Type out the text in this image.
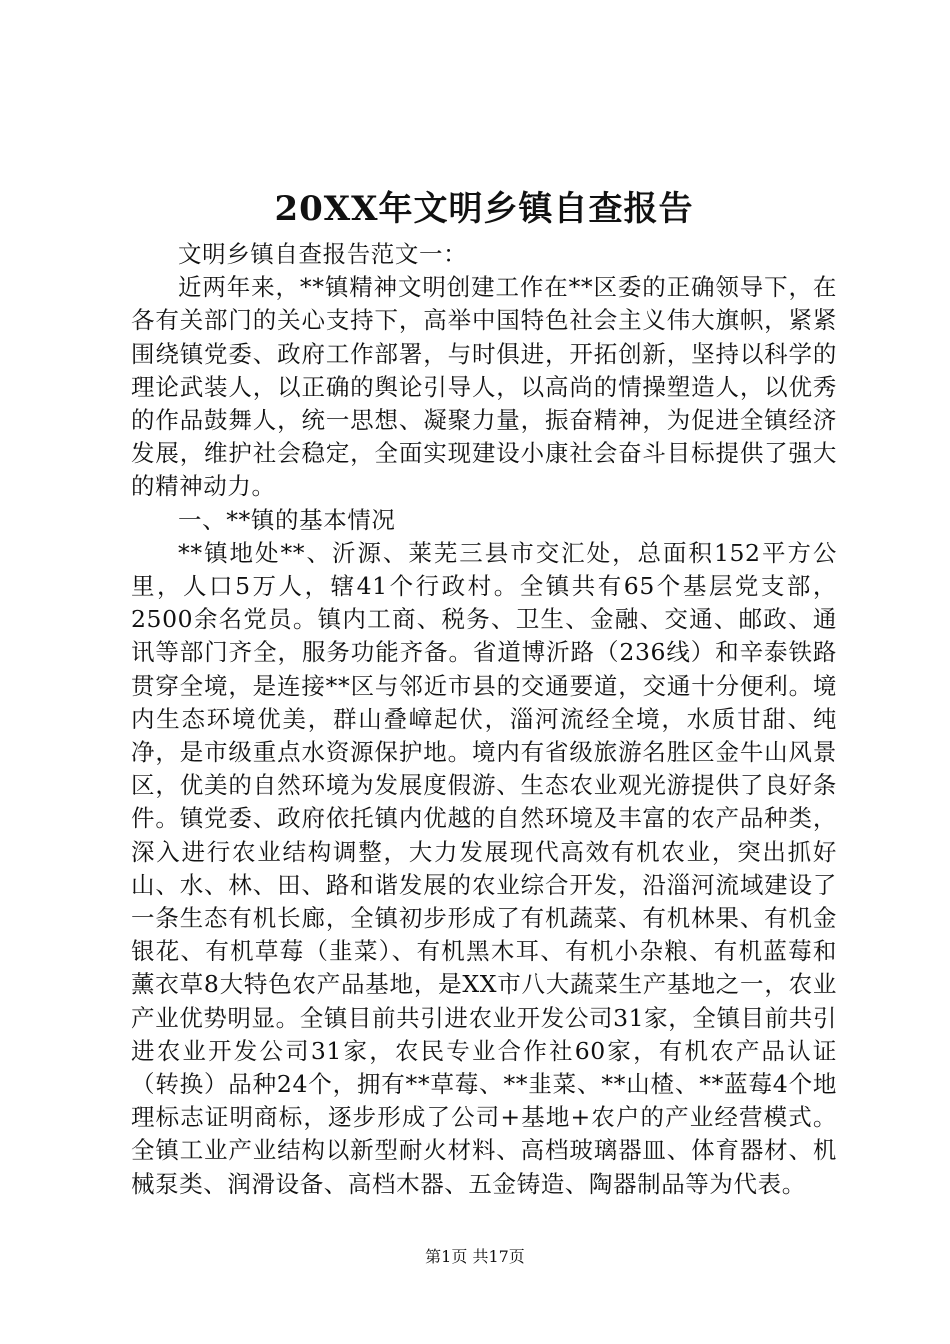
20XX年文明乡镇自查报告

文明乡镇自查报告范文一：

近两年来，**镇精神文明创建工作在**区委的正确领导下，在各有关部门的关心支持下，高举中国特色社会主义伟大旗帜，紧紧围绕镇党委、政府工作部署，与时俱进，开拓创新，坚持以科学的理论武装人，以正确的舆论引导人，以高尚的情操塑造人，以优秀的作品鼓舞人，统一思想、凝聚力量，振奋精神，为促进全镇经济发展，维护社会稳定，全面实现建设小康社会奋斗目标提供了强大的精神动力。

一、**镇的基本情况

**镇地处**、沂源、莱芜三县市交汇处，总面积152平方公里，人口5万人，辖41个行政村。全镇共有65个基层党支部，2500余名党员。镇内工商、税务、卫生、金融、交通、邮政、通讯等部门齐全，服务功能齐备。省道博沂路（236线）和辛泰铁路贯穿全境，是连接**区与邻近市县的交通要道，交通十分便利。境内生态环境优美，群山叠嶂起伏，淄河流经全境，水质甘甜、纯净，是市级重点水资源保护地。境内有省级旅游名胜区金牛山风景区，优美的自然环境为发展度假游、生态农业观光游提供了良好条件。镇党委、政府依托镇内优越的自然环境及丰富的农产品种类，深入进行农业结构调整，大力发展现代高效有机农业，突出抓好山、水、林、田、路和谐发展的农业综合开发，沿淄河流域建设了一条生态有机长廊，全镇初步形成了有机蔬菜、有机林果、有机金银花、有机草莓（韭菜）、有机黑木耳、有机小杂粮、有机蓝莓和薰衣草8大特色农产品基地，是XX市八大蔬菜生产基地之一，农业产业优势明显。全镇目前共引进农业开发公司31家，全镇目前共引进农业开发公司31家，农民专业合作社60家，有机农产品认证（转换）品种24个，拥有**草莓、**韭菜、**山楂、**蓝莓4个地理标志证明商标，逐步形成了公司+基地+农户的产业经营模式。全镇工业产业结构以新型耐火材料、高档玻璃器皿、体育器材、机械泵类、润滑设备、高档木器、五金铸造、陶器制品等为代表。

第1页 共17页
